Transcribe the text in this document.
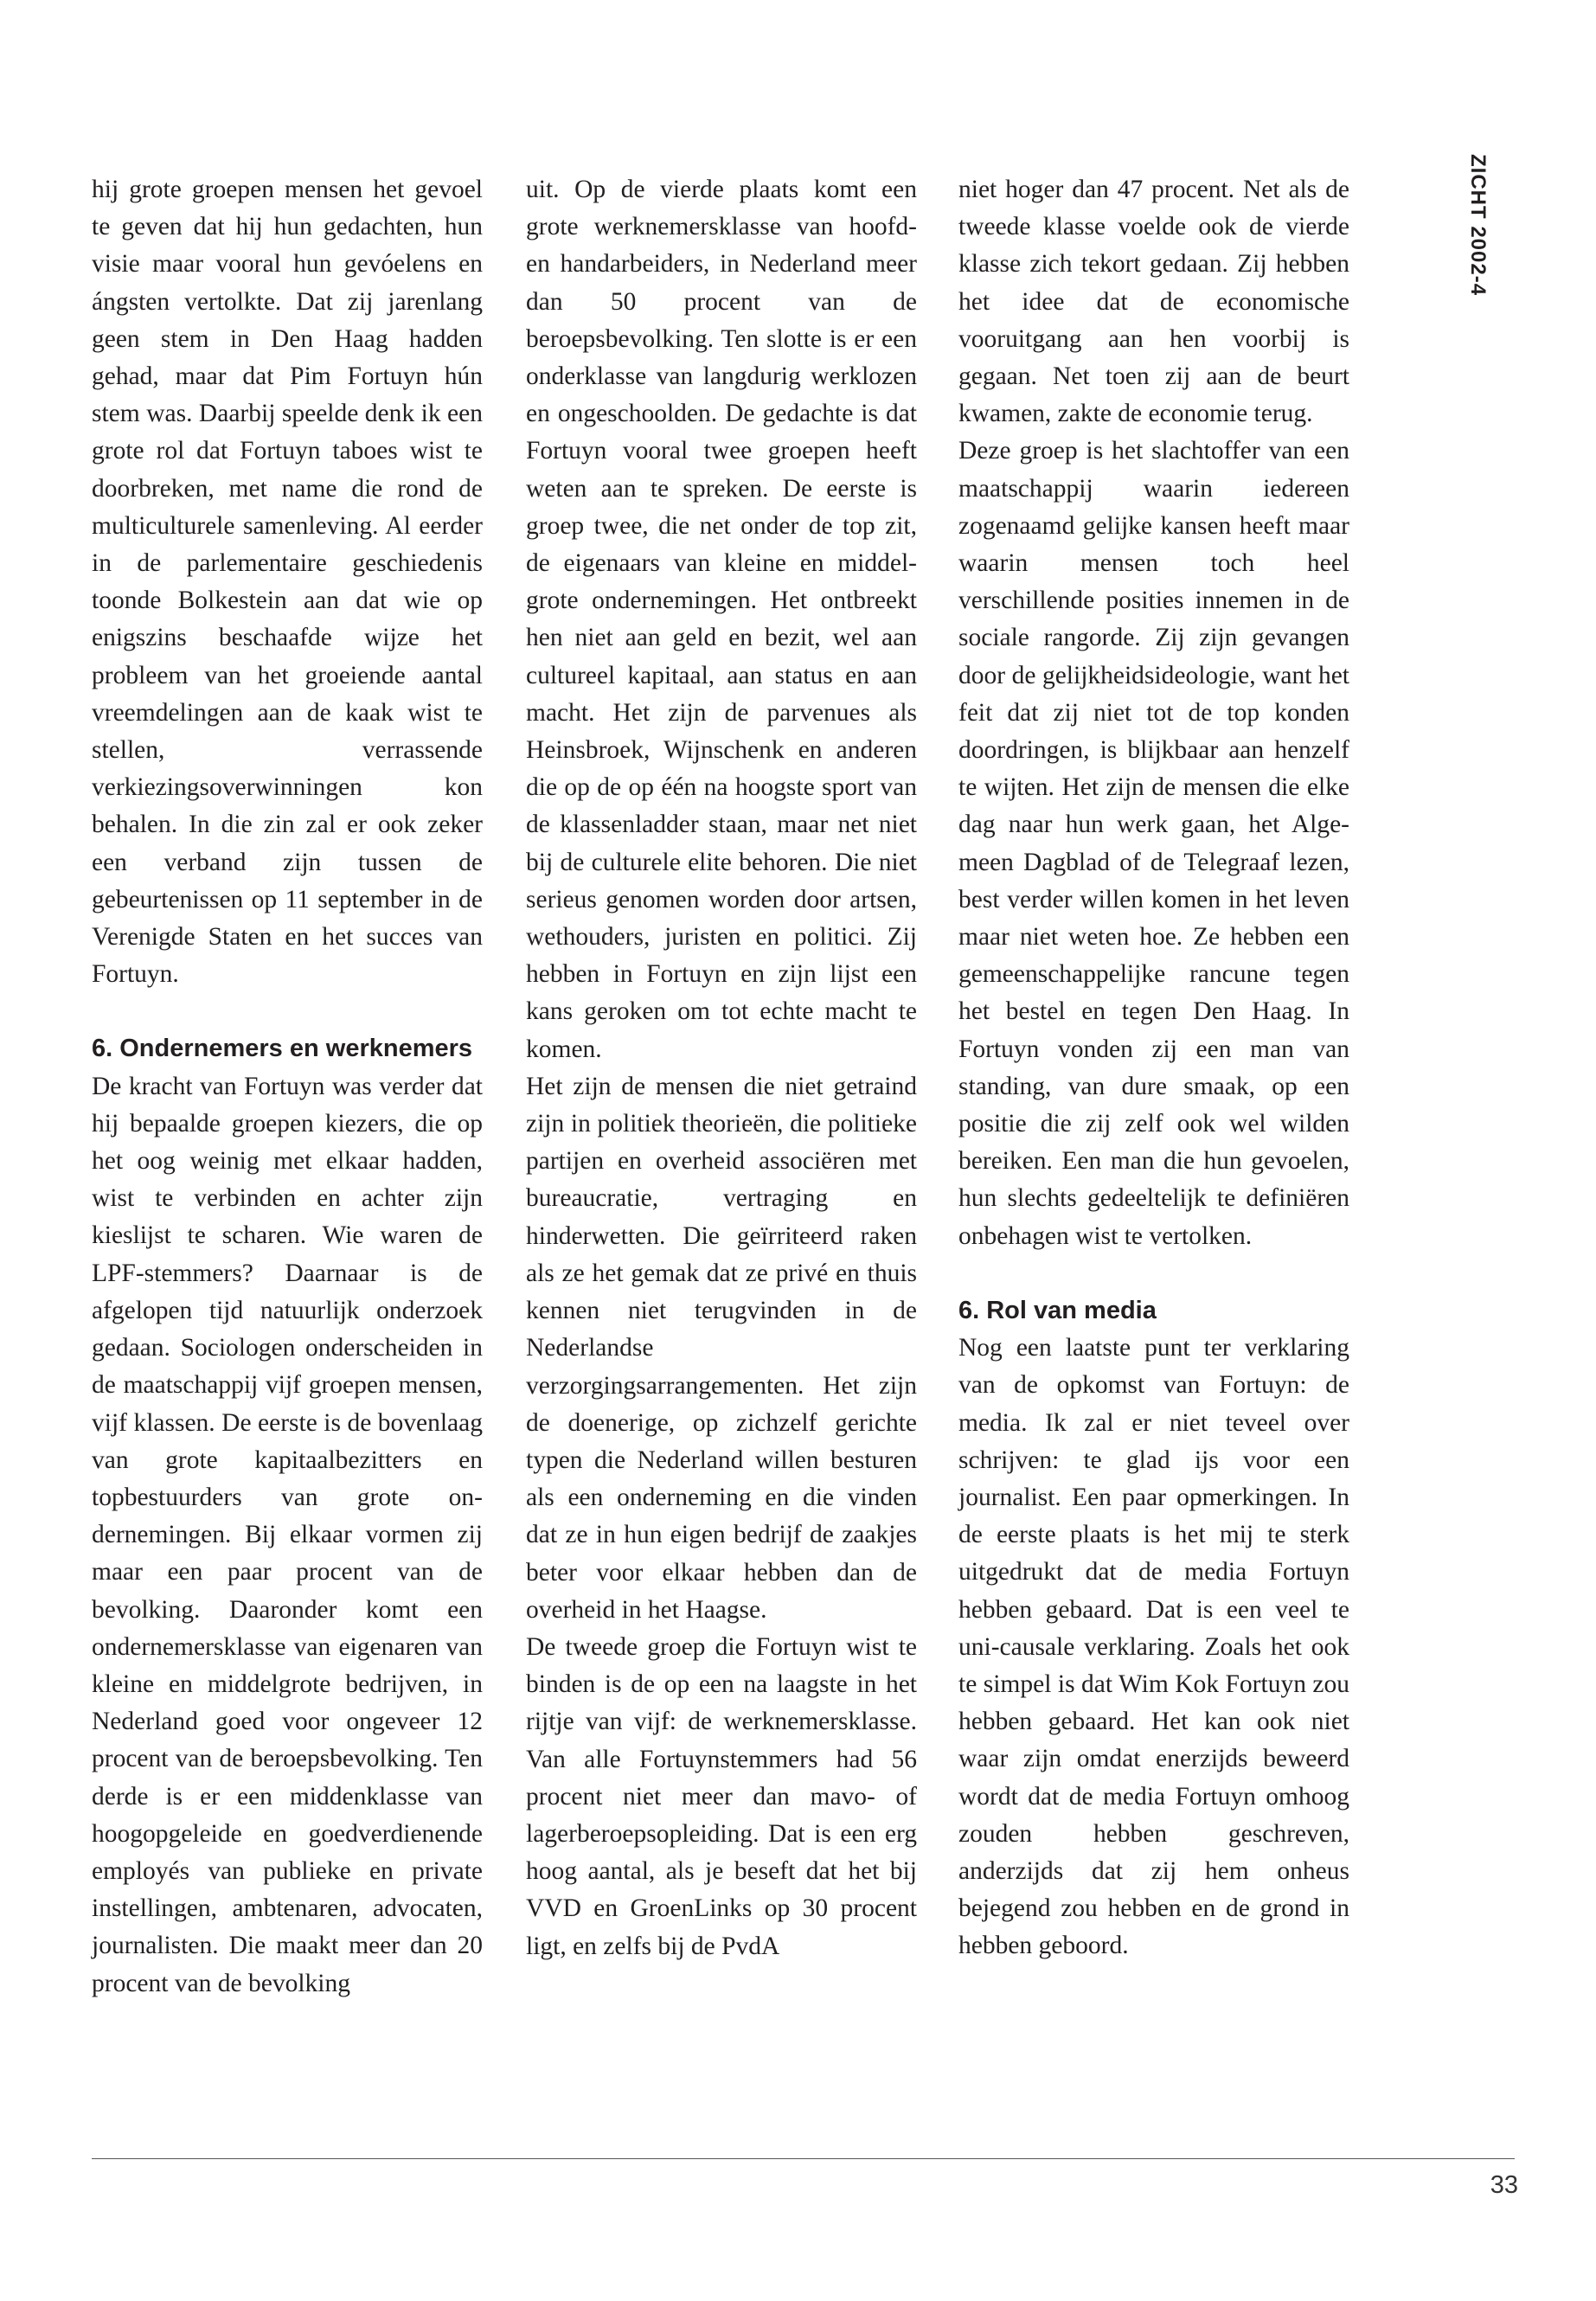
ZICHT 2002-4

hij grote groepen mensen het gevoel te geven dat hij hun gedachten, hun visie maar vooral hun gevóelens en ángsten vertolkte. Dat zij jarenlang geen stem in Den Haag hadden gehad, maar dat Pim Fortuyn hún stem was. Daarbij speelde denk ik een grote rol dat Fortuyn taboes wist te doorbreken, met name die rond de multiculturele samenleving. Al eerder in de parlementaire geschiedenis toonde Bolkestein aan dat wie op enigszins beschaafde wijze het probleem van het groeiende aantal vreemdelingen aan de kaak wist te stellen, verrassende verkiezingsoverwinningen kon behalen. In die zin zal er ook zeker een verband zijn tussen de gebeurtenissen op 11 september in de Verenigde Staten en het succes van Fortuyn.

6. Ondernemers en werknemers

De kracht van Fortuyn was verder dat hij bepaalde groepen kiezers, die op het oog weinig met elkaar hadden, wist te verbinden en achter zijn kieslijst te scharen. Wie waren de LPF-stemmers? Daarnaar is de afgelopen tijd natuurlijk onderzoek gedaan. Sociologen onderscheiden in de maatschappij vijf groepen mensen, vijf klassen. De eerste is de bovenlaag van grote kapitaalbezitters en topbestuurders van grote ondernemingen. Bij elkaar vormen zij maar een paar procent van de bevolking. Daaronder komt een ondernemersklasse van eigenaren van kleine en middelgrote bedrijven, in Nederland goed voor ongeveer 12 procent van de beroepsbevolking. Ten derde is er een middenklasse van hoogopgeleide en goedverdienende employés van publieke en private instellingen, ambtenaren, advocaten, journalisten. Die maakt meer dan 20 procent van de bevolking

uit. Op de vierde plaats komt een grote werknemersklasse van hoofd- en handarbeiders, in Nederland meer dan 50 procent van de beroepsbevolking. Ten slotte is er een onderklasse van langdurig werklozen en ongeschoolden. De gedachte is dat Fortuyn vooral twee groepen heeft weten aan te spreken. De eerste is groep twee, die net onder de top zit, de eigenaars van kleine en middelgrote ondernemingen. Het ontbreekt hen niet aan geld en bezit, wel aan cultureel kapitaal, aan status en aan macht. Het zijn de parvenues als Heinsbroek, Wijnschenk en anderen die op de op één na hoogste sport van de klassenladder staan, maar net niet bij de culturele elite behoren. Die niet serieus genomen worden door artsen, wethouders, juristen en politici. Zij hebben in Fortuyn en zijn lijst een kans geroken om tot echte macht te komen.

Het zijn de mensen die niet getraind zijn in politiek theorieën, die politieke partijen en overheid associëren met bureaucratie, vertraging en hinderwetten. Die geïrriteerd raken als ze het gemak dat ze privé en thuis kennen niet terugvinden in de Nederlandse verzorgingsarrangementen. Het zijn de doenerige, op zichzelf gerichte typen die Nederland willen besturen als een onderneming en die vinden dat ze in hun eigen bedrijf de zaakjes beter voor elkaar hebben dan de overheid in het Haagse.

De tweede groep die Fortuyn wist te binden is de op een na laagste in het rijtje van vijf: de werknemersklasse. Van alle Fortuynstemmers had 56 procent niet meer dan mavo- of lagerberoepsopleiding. Dat is een erg hoog aantal, als je beseft dat het bij VVD en GroenLinks op 30 procent ligt, en zelfs bij de PvdA

niet hoger dan 47 procent. Net als de tweede klasse voelde ook de vierde klasse zich tekort gedaan. Zij hebben het idee dat de economische vooruitgang aan hen voorbij is gegaan. Net toen zij aan de beurt kwamen, zakte de economie terug.

Deze groep is het slachtoffer van een maatschappij waarin iedereen zogenaamd gelijke kansen heeft maar waarin mensen toch heel verschillende posities innemen in de sociale rangorde. Zij zijn gevangen door de gelijkheidsideologie, want het feit dat zij niet tot de top konden doordringen, is blijkbaar aan henzelf te wijten. Het zijn de mensen die elke dag naar hun werk gaan, het Algemeen Dagblad of de Telegraaf lezen, best verder willen komen in het leven maar niet weten hoe. Ze hebben een gemeenschappelijke rancune tegen het bestel en tegen Den Haag. In Fortuyn vonden zij een man van standing, van dure smaak, op een positie die zij zelf ook wel wilden bereiken. Een man die hun gevoelen, hun slechts gedeeltelijk te definiëren onbehagen wist te vertolken.

6. Rol van media

Nog een laatste punt ter verklaring van de opkomst van Fortuyn: de media. Ik zal er niet teveel over schrijven: te glad ijs voor een journalist. Een paar opmerkingen. In de eerste plaats is het mij te sterk uitgedrukt dat de media Fortuyn hebben gebaard. Dat is een veel te uni-causale verklaring. Zoals het ook te simpel is dat Wim Kok Fortuyn zou hebben gebaard. Het kan ook niet waar zijn omdat enerzijds beweerd wordt dat de media Fortuyn omhoog zouden hebben geschreven, anderzijds dat zij hem onheus bejegend zou hebben en de grond in hebben geboord.

33
